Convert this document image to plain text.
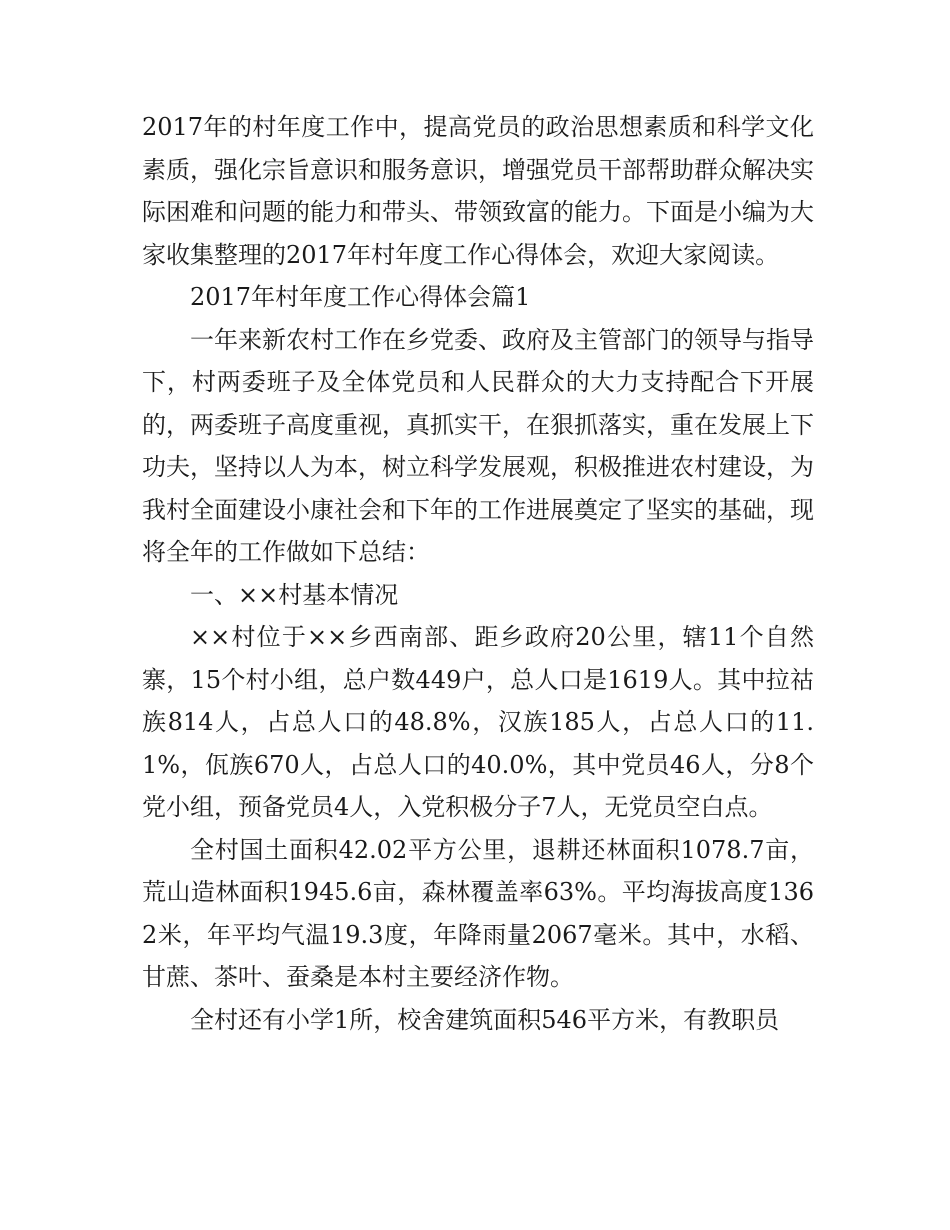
2017年的村年度工作中，提高党员的政治思想素质和科学文化素质，强化宗旨意识和服务意识，增强党员干部帮助群众解决实际困难和问题的能力和带头、带领致富的能力。下面是小编为大家收集整理的2017年村年度工作心得体会，欢迎大家阅读。

2017年村年度工作心得体会篇1

一年来新农村工作在乡党委、政府及主管部门的领导与指导下，村两委班子及全体党员和人民群众的大力支持配合下开展的，两委班子高度重视，真抓实干，在狠抓落实，重在发展上下功夫，坚持以人为本，树立科学发展观，积极推进农村建设，为我村全面建设小康社会和下年的工作进展奠定了坚实的基础，现将全年的工作做如下总结：

一、××村基本情况

××村位于××乡西南部、距乡政府20公里，辖11个自然寨，15个村小组，总户数449户，总人口是1619人。其中拉祜族814人，占总人口的48.8%，汉族185人，占总人口的11.1%，佤族670人，占总人口的40.0%，其中党员46人，分8个党小组，预备党员4人，入党积极分子7人，无党员空白点。

全村国土面积42.02平方公里，退耕还林面积1078.7亩，荒山造林面积1945.6亩，森林覆盖率63%。平均海拔高度1362米，年平均气温19.3度，年降雨量2067毫米。其中，水稻、甘蔗、茶叶、蚕桑是本村主要经济作物。

全村还有小学1所，校舍建筑面积546平方米，有教职员
